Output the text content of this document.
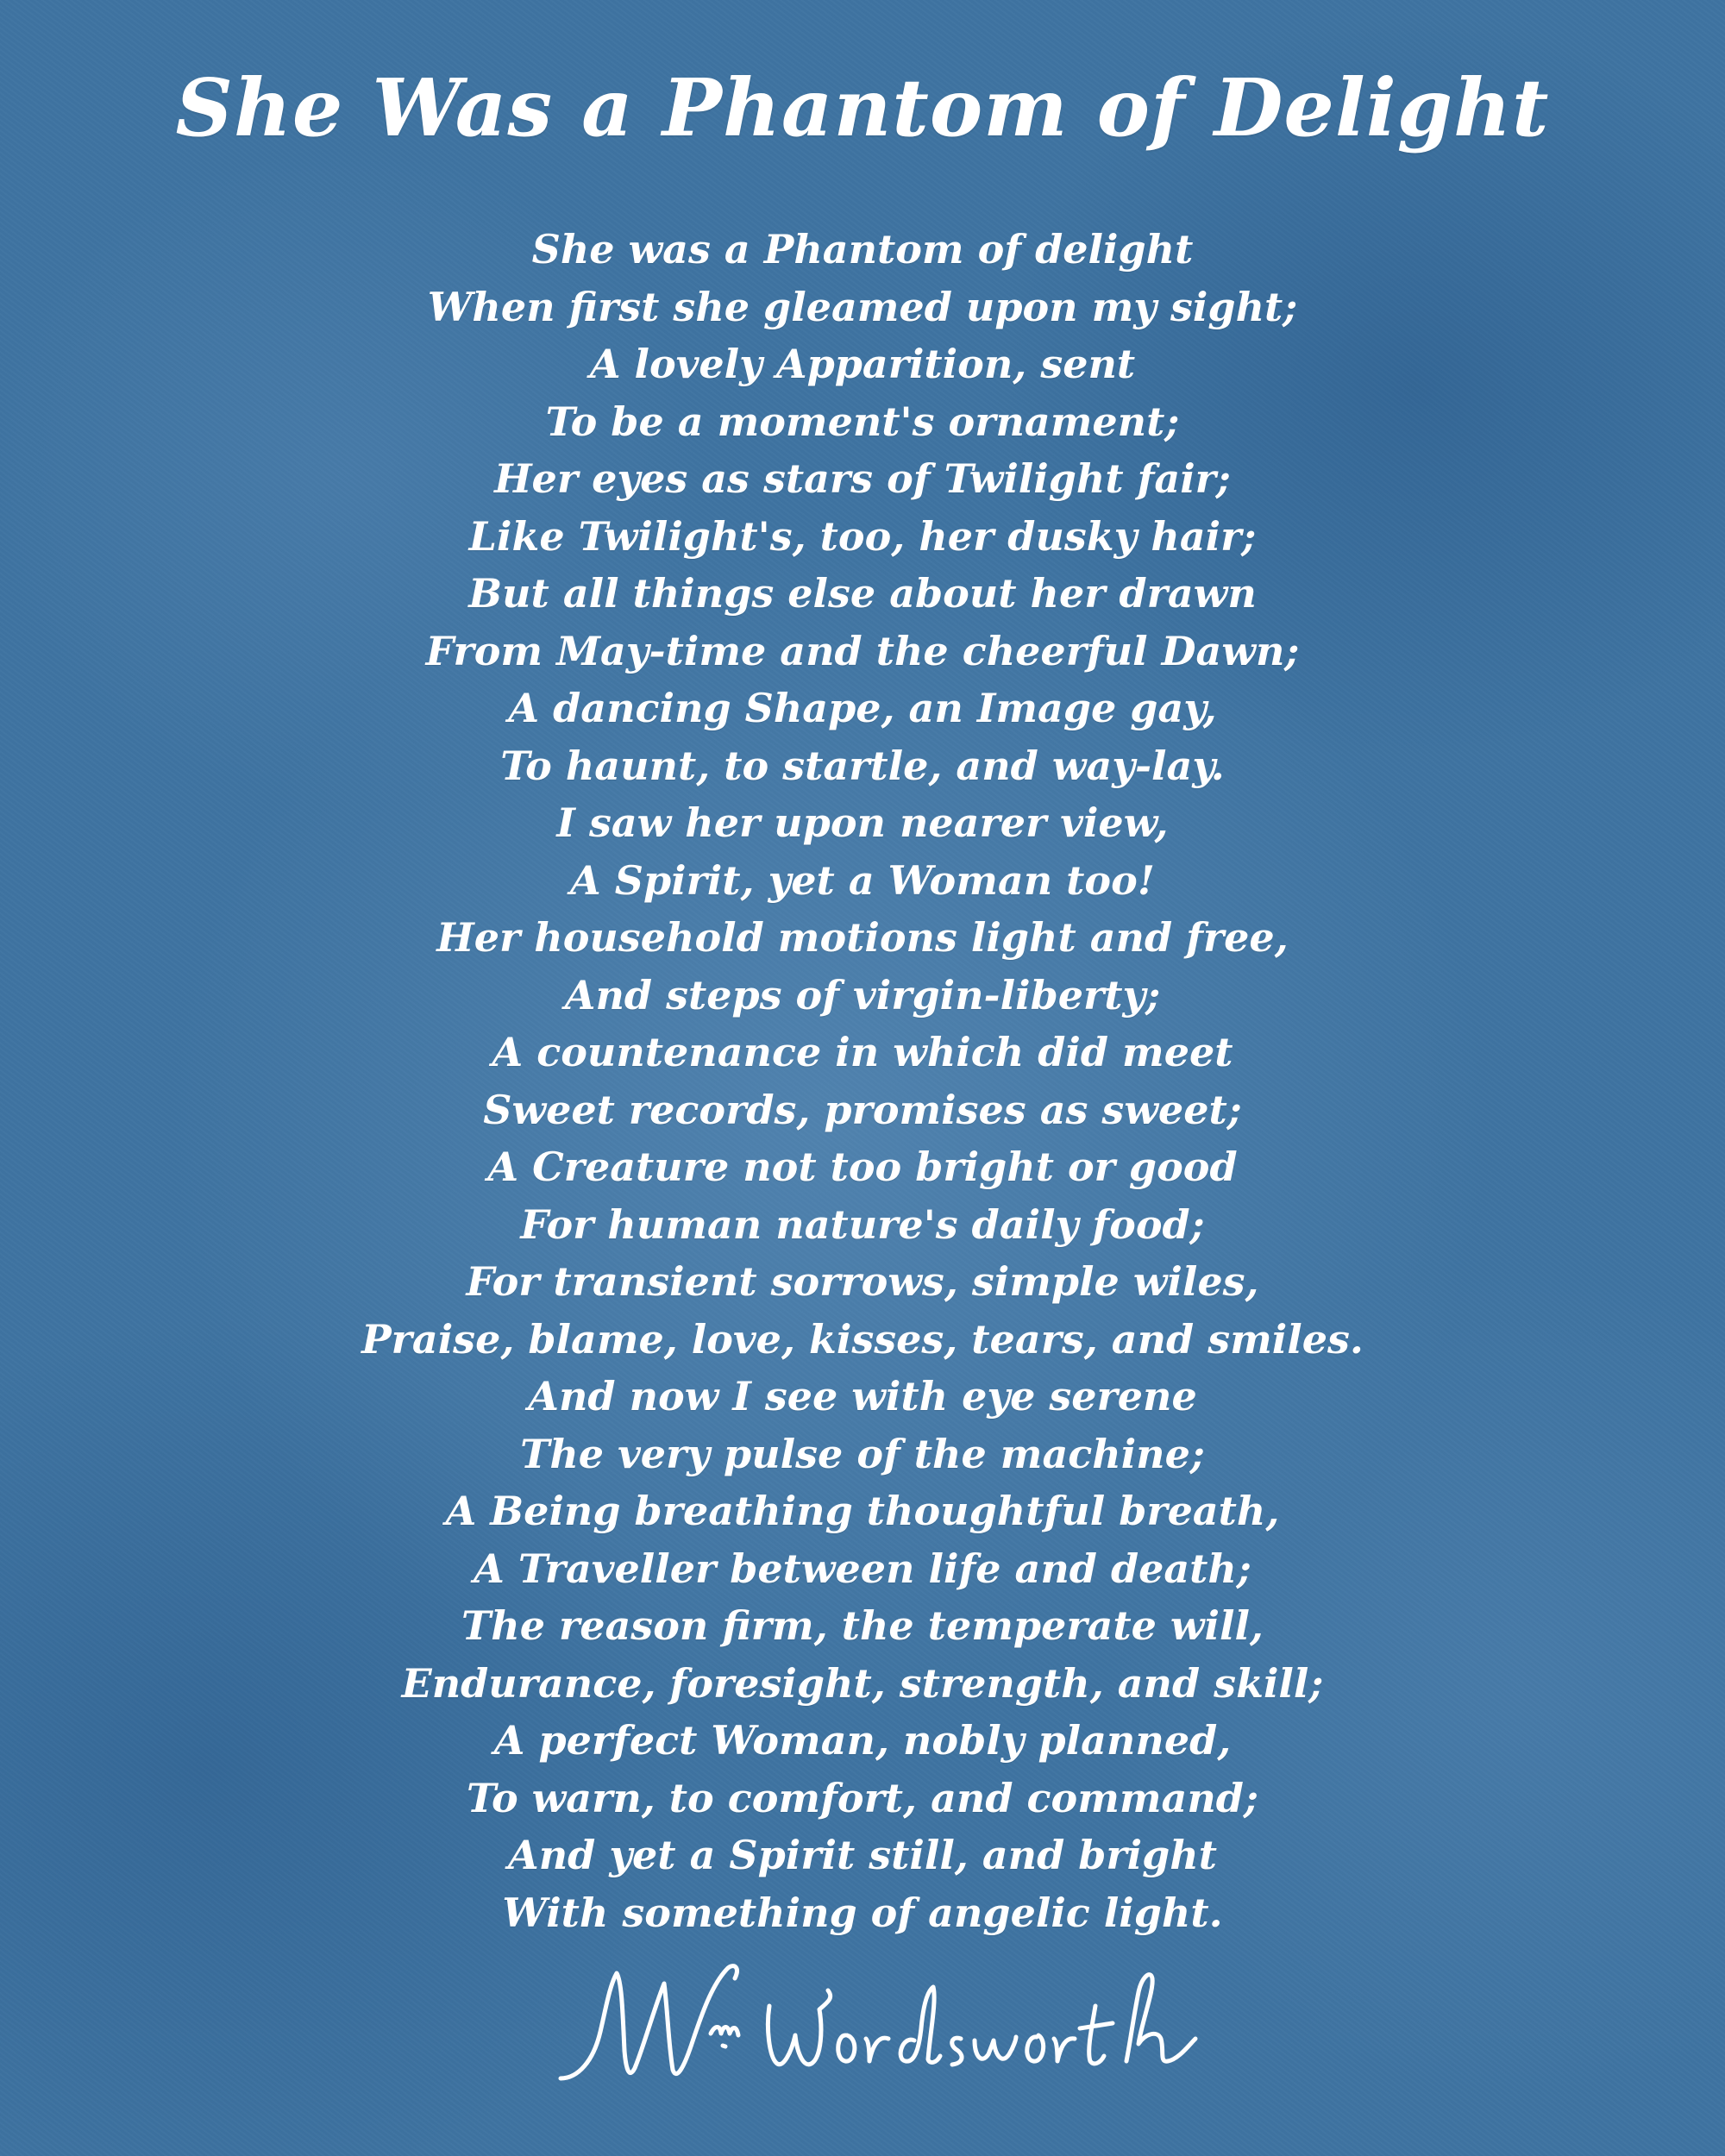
She Was a Phantom of Delight
She was a Phantom of delight
When first she gleamed upon my sight;
A lovely Apparition, sent
To be a moment's ornament;
Her eyes as stars of Twilight fair;
Like Twilight's, too, her dusky hair;
But all things else about her drawn
From May-time and the cheerful Dawn;
A dancing Shape, an Image gay,
To haunt, to startle, and way-lay.
I saw her upon nearer view,
A Spirit, yet a Woman too!
Her household motions light and free,
And steps of virgin-liberty;
A countenance in which did meet
Sweet records, promises as sweet;
A Creature not too bright or good
For human nature's daily food;
For transient sorrows, simple wiles,
Praise, blame, love, kisses, tears, and smiles.
And now I see with eye serene
The very pulse of the machine;
A Being breathing thoughtful breath,
A Traveller between life and death;
The reason firm, the temperate will,
Endurance, foresight, strength, and skill;
A perfect Woman, nobly planned,
To warn, to comfort, and command;
And yet a Spirit still, and bright
With something of angelic light.
